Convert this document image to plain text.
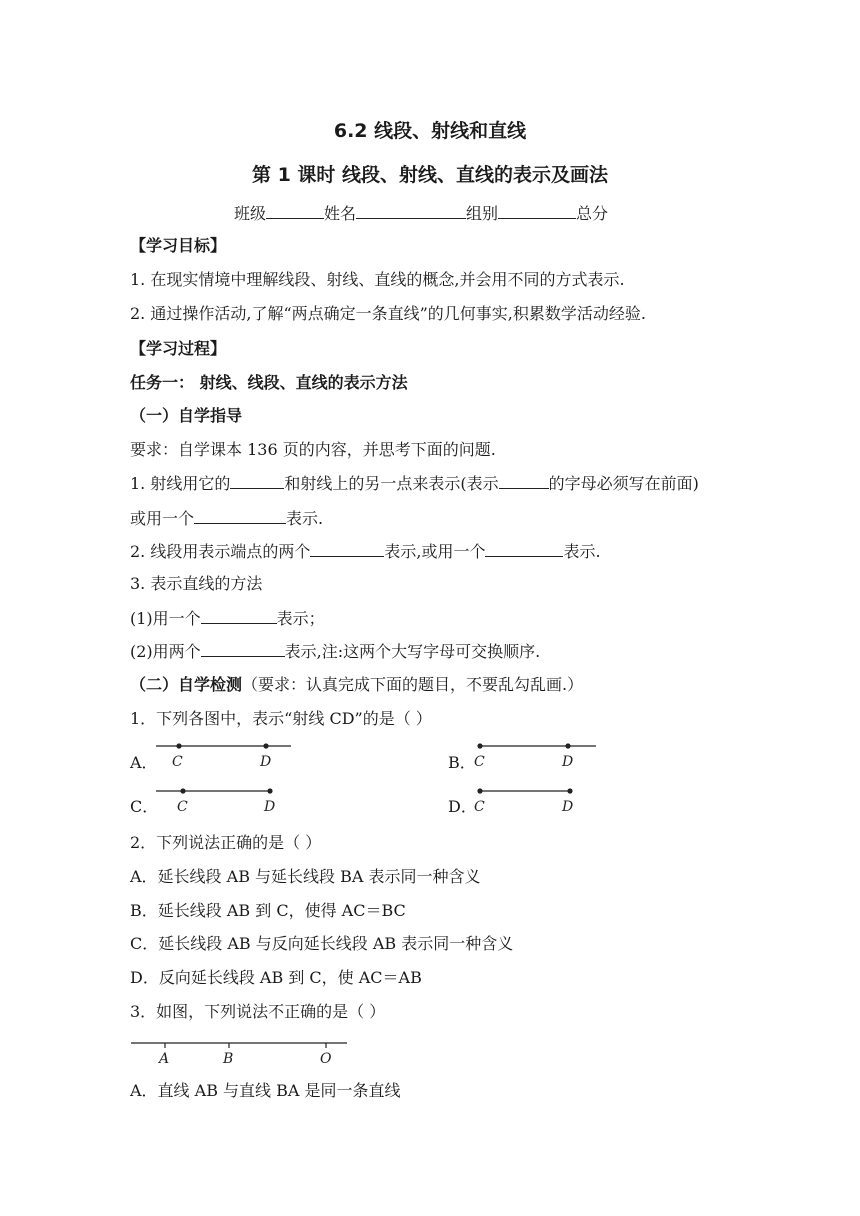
6.2 线段、射线和直线
第 1 课时 线段、射线、直线的表示及画法
班级	姓名	组别	总分
【学习目标】
1. 在现实情境中理解线段、射线、直线的概念,并会用不同的方式表示.
2. 通过操作活动,了解“两点确定一条直线”的几何事实,积累数学活动经验.
【学习过程】
任务一： 射线、线段、直线的表示方法
（一）自学指导
要求：自学课本 136 页的内容，并思考下面的问题.
1. 射线用它的	和射线上的另一点来表示(表示	的字母必须写在前面)
或用一个	表示.
2. 线段用表示端点的两个	表示,或用一个	表示.
3. 表示直线的方法
(1)用一个	表示；
(2)用两个	表示,注:这两个大写字母可交换顺序.
（二）自学检测（要求：认真完成下面的题目，不要乱勾乱画.）
1．下列各图中，表示“射线 CD”的是（ ）
A． C	D	B．
C	D
C． C	D	D．
C	D
2．下列说法正确的是（ ）
A．延长线段 AB 与延长线段 BA 表示同一种含义
B．延长线段 AB 到 C，使得 AC＝BC
C．延长线段 AB 与反向延长线段 AB 表示同一种含义
D．反向延长线段 AB 到 C，使 AC＝AB
3．如图，下列说法不正确的是（ ）
A	B	O
A．直线 AB 与直线 BA 是同一条直线
